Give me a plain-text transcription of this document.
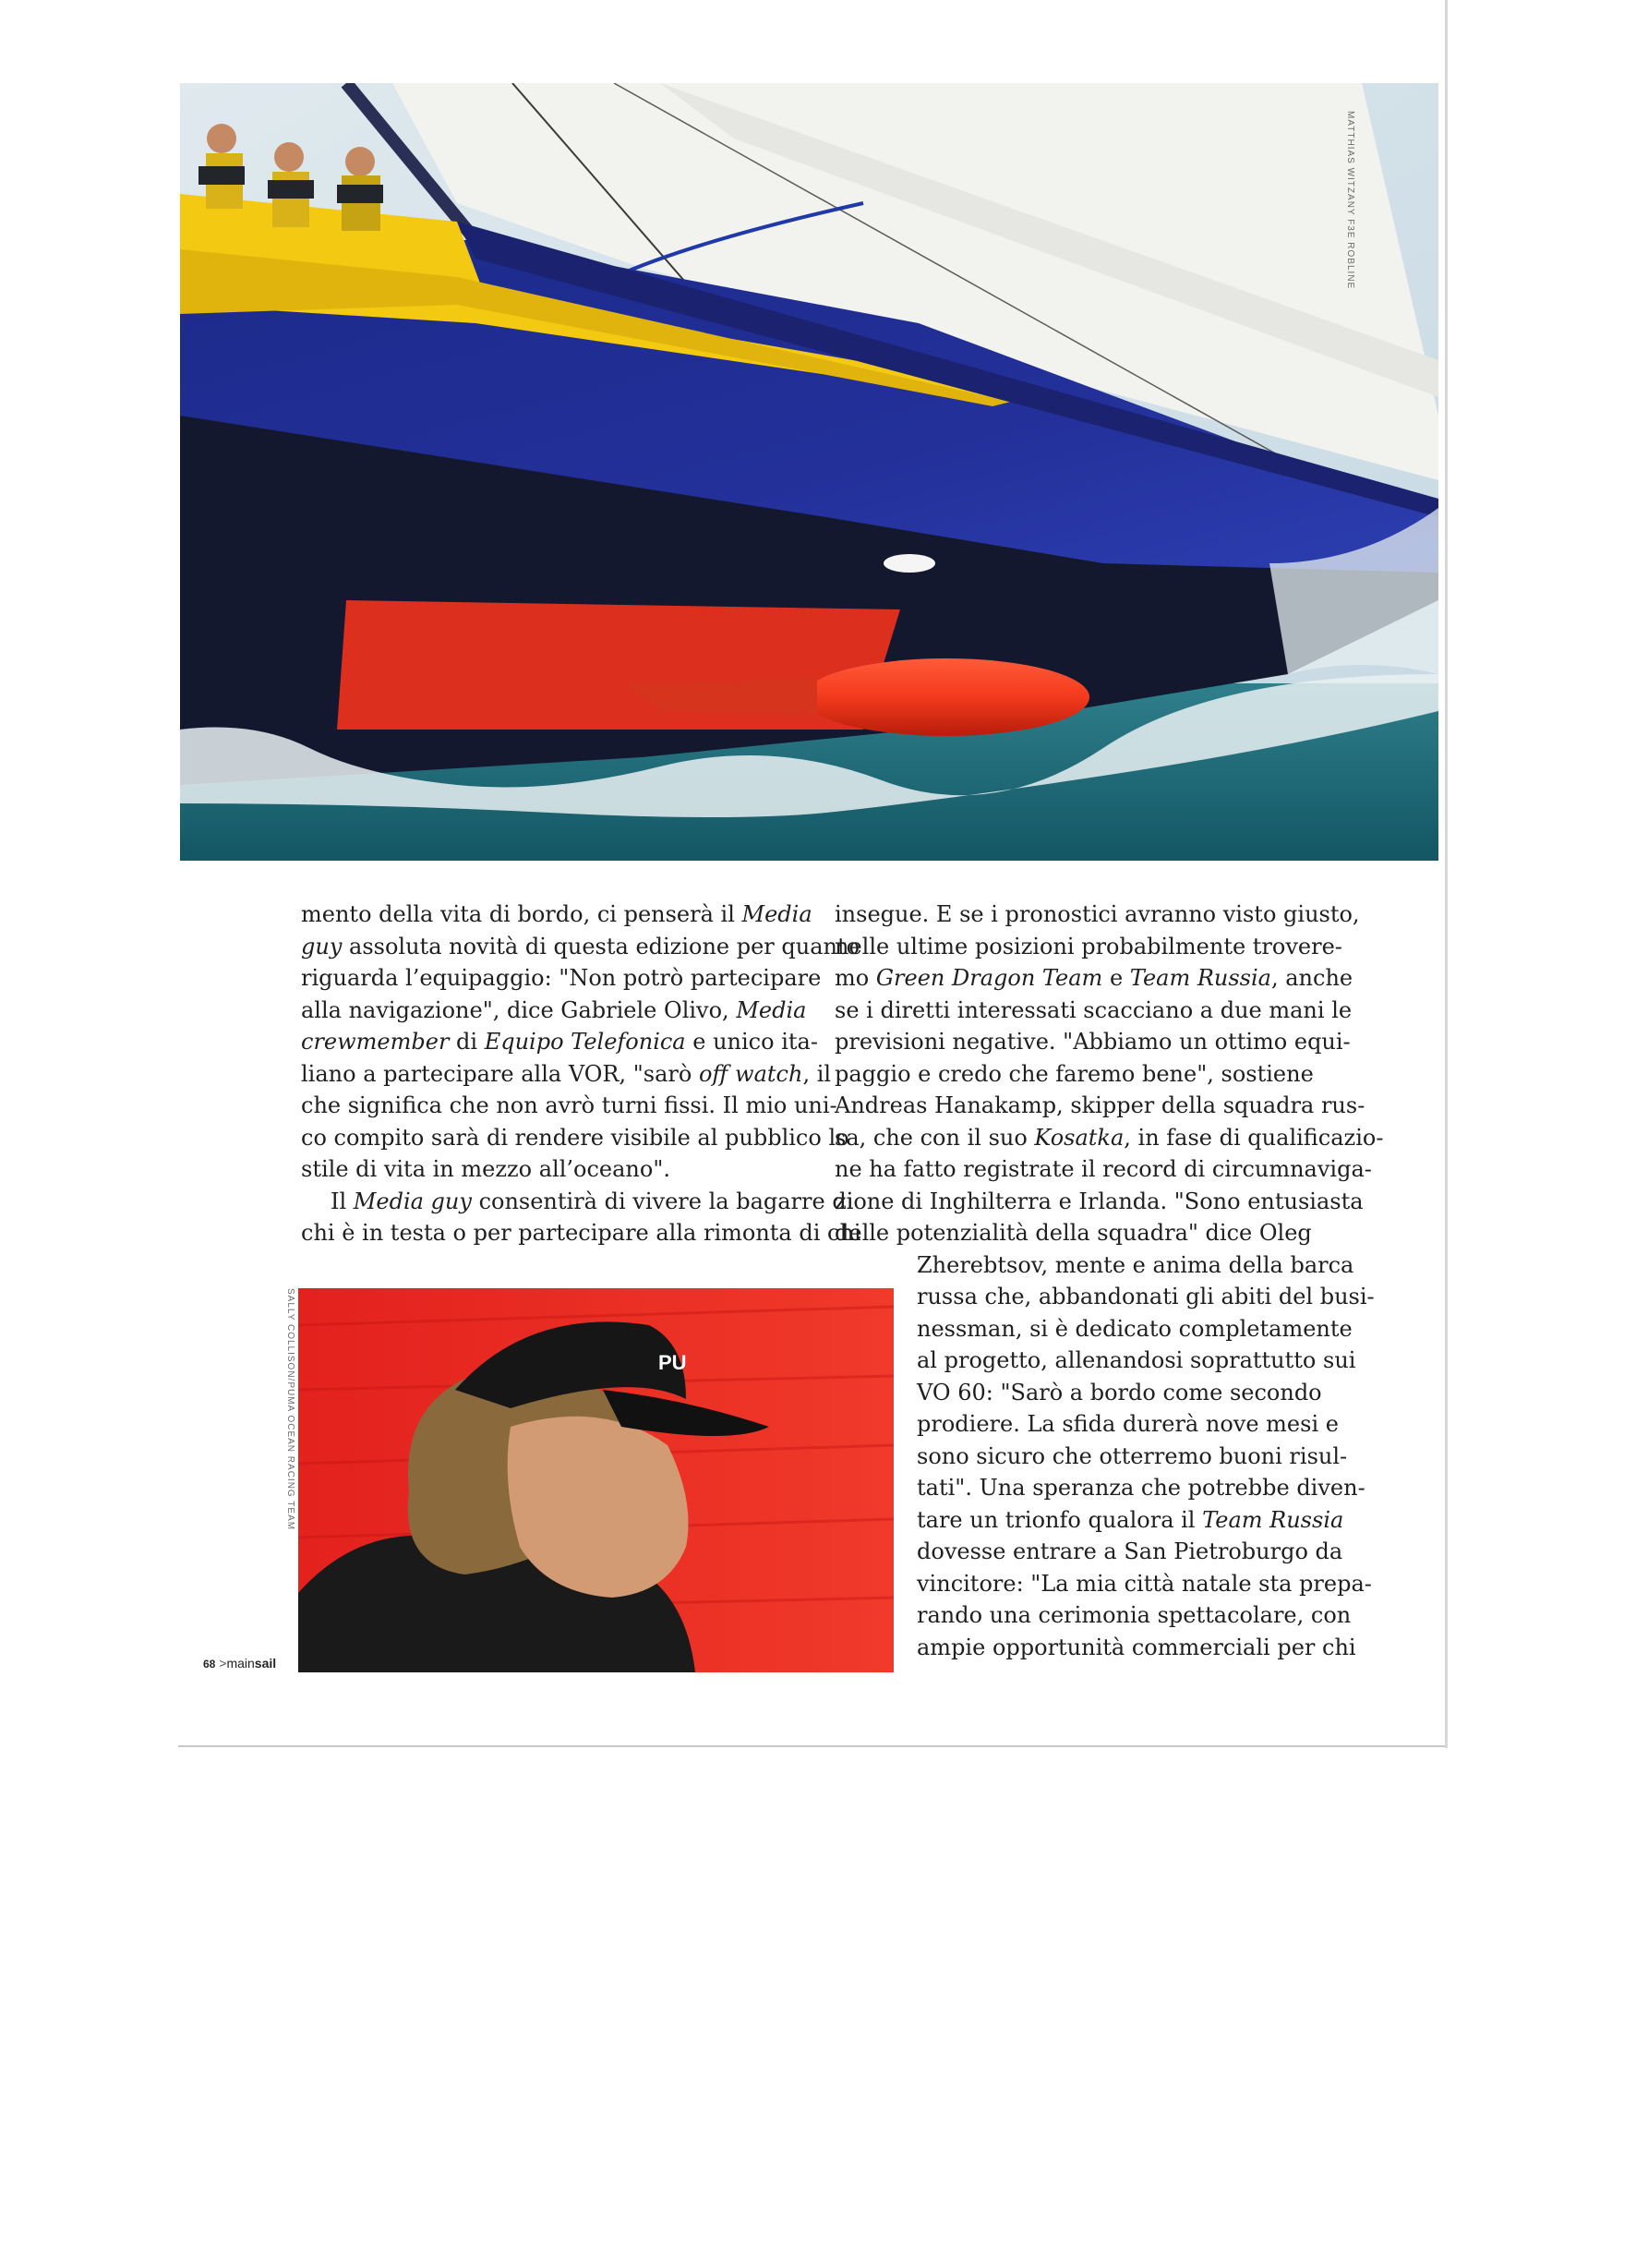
MATTHIAS WITZANY F3E ROBLINE
mento della vita di bordo, ci penserà il Media
guy assoluta novità di questa edizione per quanto
riguarda l’equipaggio: "Non potrò partecipare
alla navigazione", dice Gabriele Olivo, Media
crewmember di Equipo Telefonica e unico ita-
liano a partecipare alla VOR, "sarò off watch, il
che significa che non avrò turni fissi. Il mio uni-
co compito sarà di rendere visibile al pubblico lo
stile di vita in mezzo all’oceano".
Il Media guy consentirà di vivere la bagarre di
chi è in testa o per partecipare alla rimonta di chi
insegue. E se i pronostici avranno visto giusto,
nelle ultime posizioni probabilmente trovere-
mo Green Dragon Team e Team Russia, anche
se i diretti interessati scacciano a due mani le
previsioni negative. "Abbiamo un ottimo equi-
paggio e credo che faremo bene", sostiene
Andreas Hanakamp, skipper della squadra rus-
sa, che con il suo Kosatka, in fase di qualificazio-
ne ha fatto registrate il record di circumnaviga-
zione di Inghilterra e Irlanda. "Sono entusiasta
delle potenzialità della squadra" dice Oleg
Zherebtsov, mente e anima della barca
russa che, abbandonati gli abiti del busi-
nessman, si è dedicato completamente
al progetto, allenandosi soprattutto sui
VO 60: "Sarò a bordo come secondo
prodiere. La sfida durerà nove mesi e
sono sicuro che otterremo buoni risul-
tati". Una speranza che potrebbe diven-
tare un trionfo qualora il Team Russia
dovesse entrare a San Pietroburgo da
vincitore: "La mia città natale sta prepa-
rando una cerimonia spettacolare, con
ampie opportunità commerciali per chi
PU
SALLY COLLISON/PUMA OCEAN RACING TEAM
68 >mainsail
